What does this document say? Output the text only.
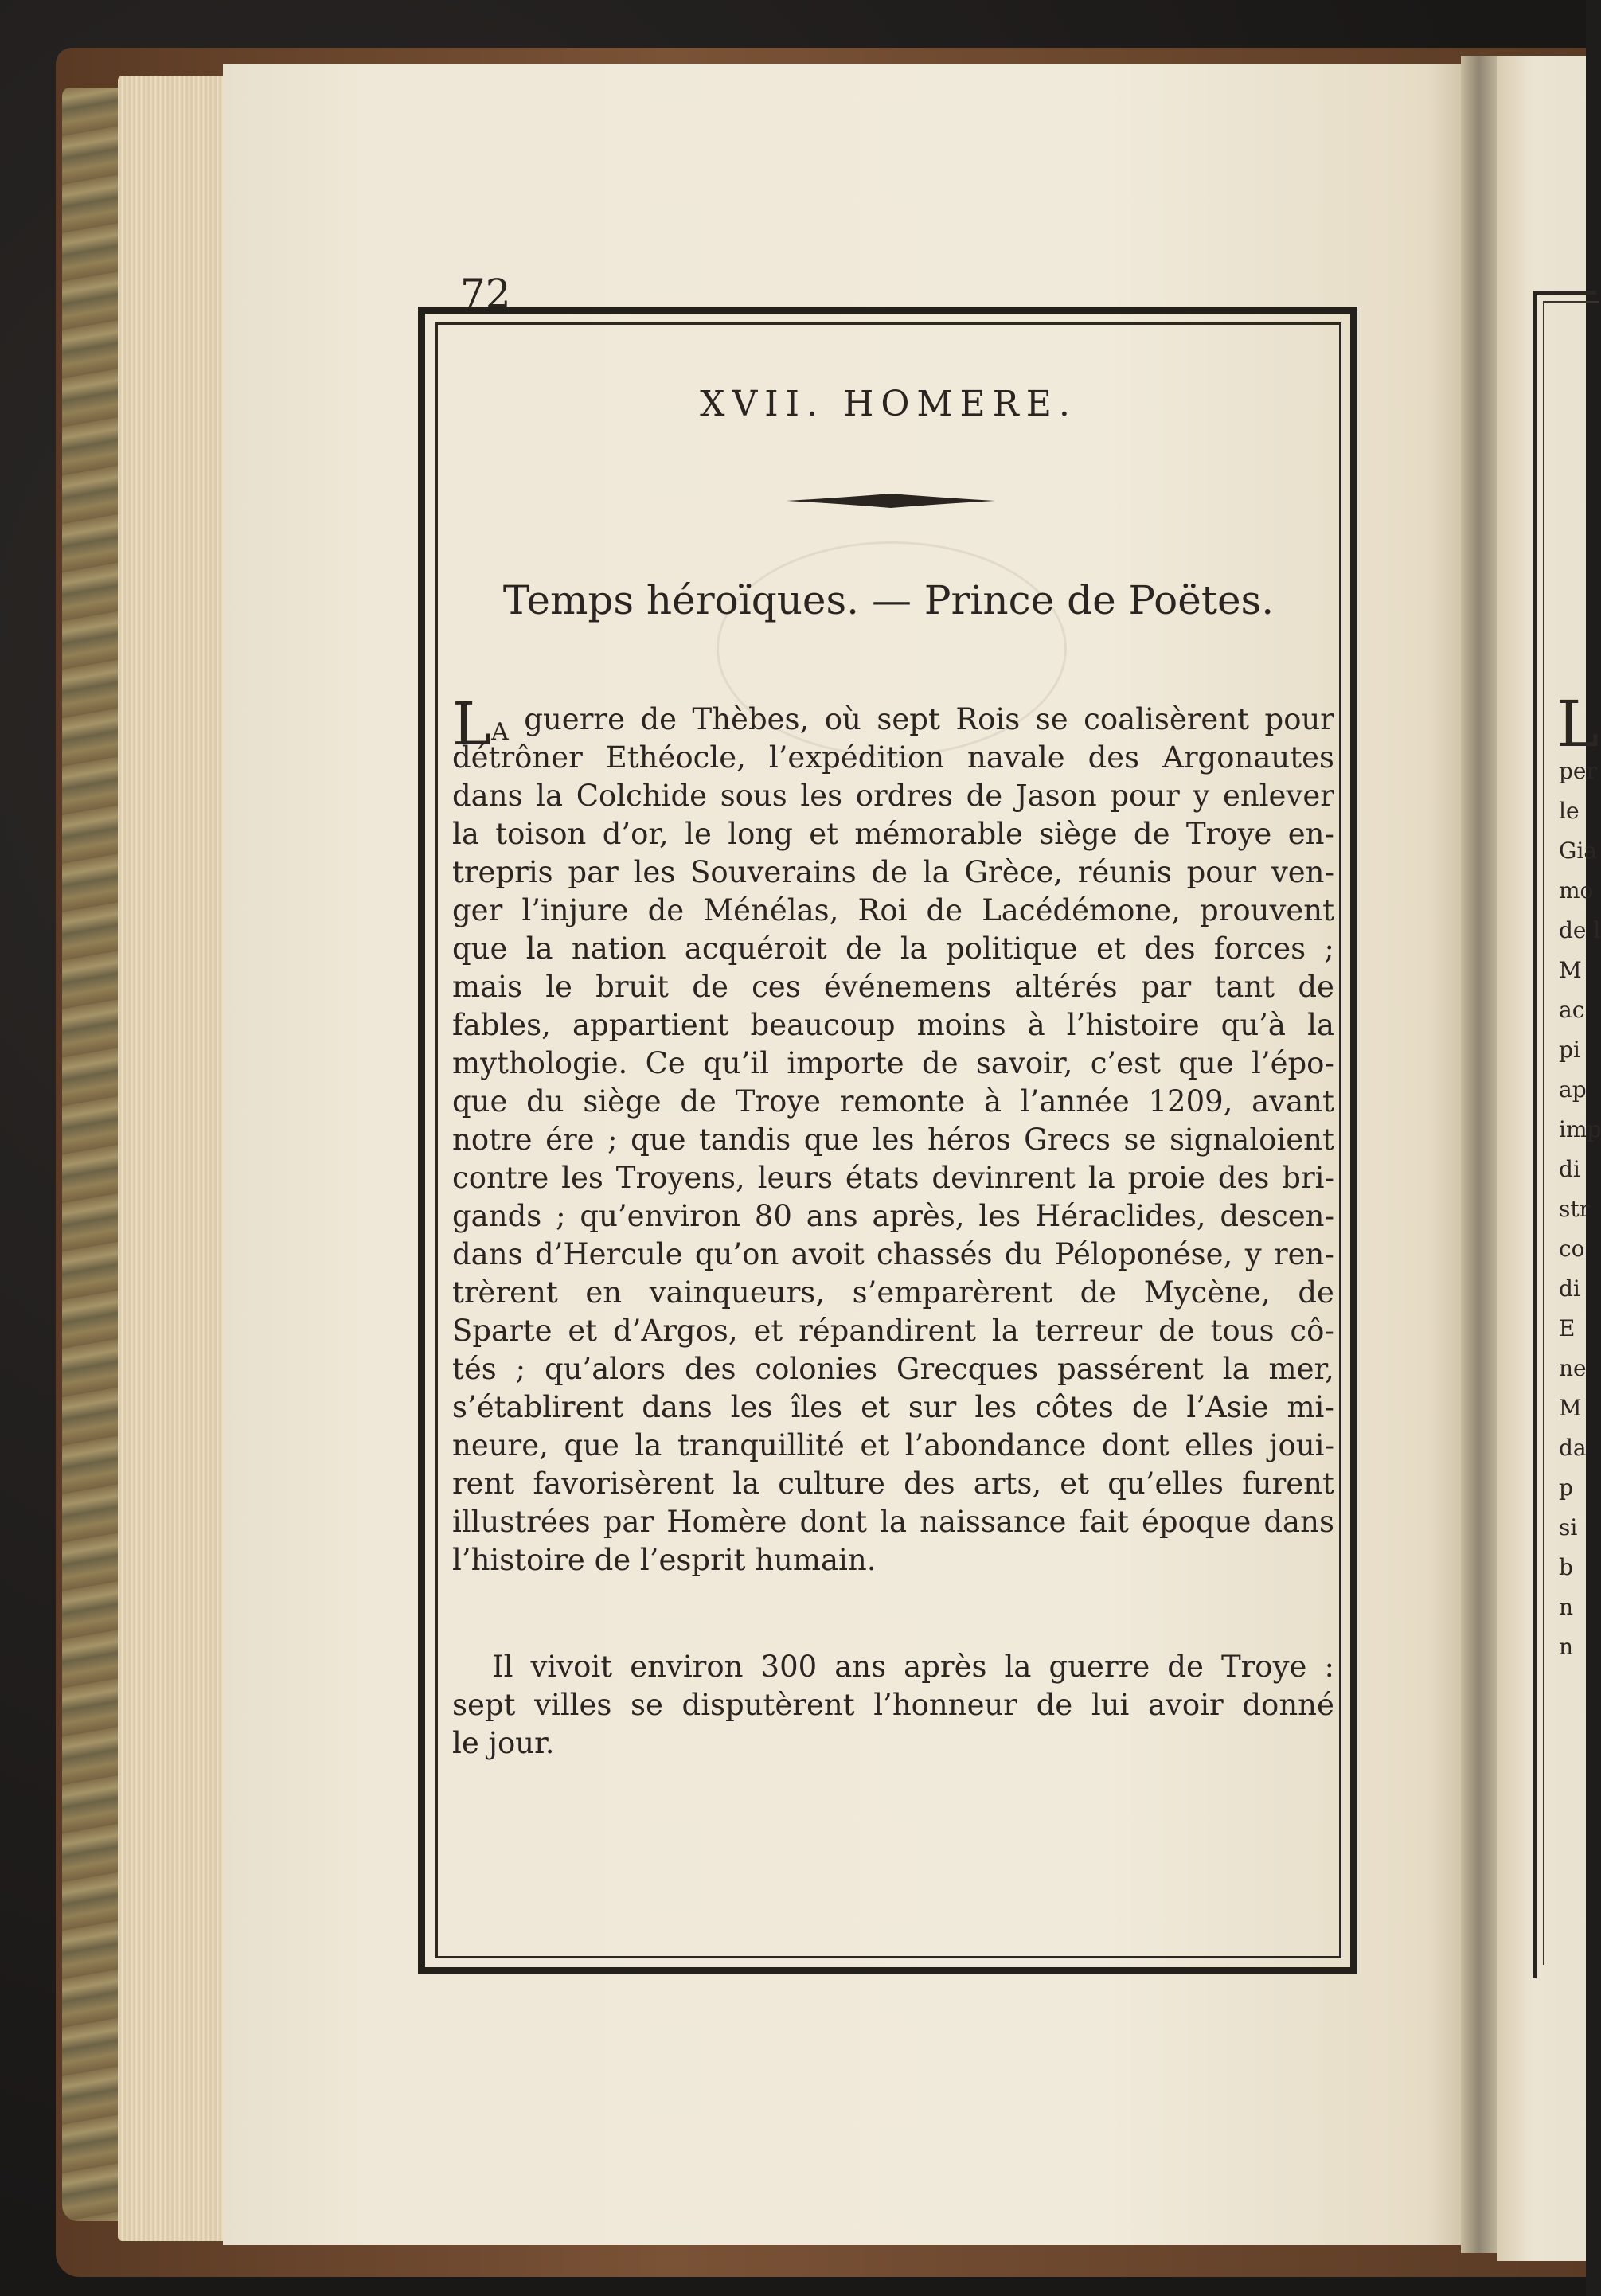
L
per
le
Gia
mo
de l
M
ac
pi
ap
imp
di
str
co
di
E
ne
M
da
p
si
b
n
n
72
XVII. HOMERE.
Temps héroïques. — Prince de Poëtes.
LA guerre de Thèbes, où sept Rois se coalisèrent pour
détrôner Ethéocle, l’expédition navale des Argonautes
dans la Colchide sous les ordres de Jason pour y enlever
la toison d’or, le long et mémorable siège de Troye en-
trepris par les Souverains de la Grèce, réunis pour ven-
ger l’injure de Ménélas, Roi de Lacédémone, prouvent
que la nation acquéroit de la politique et des forces ;
mais le bruit de ces événemens altérés par tant de
fables, appartient beaucoup moins à l’histoire qu’à la
mythologie. Ce qu’il importe de savoir, c’est que l’épo-
que du siège de Troye remonte à l’année 1209, avant
notre ére ; que tandis que les héros Grecs se signaloient
contre les Troyens, leurs états devinrent la proie des bri-
gands ; qu’environ 80 ans après, les Héraclides, descen-
dans d’Hercule qu’on avoit chassés du Péloponése, y ren-
trèrent en vainqueurs, s’emparèrent de Mycène, de
Sparte et d’Argos, et répandirent la terreur de tous cô-
tés ; qu’alors des colonies Grecques passérent la mer,
s’établirent dans les îles et sur les côtes de l’Asie mi-
neure, que la tranquillité et l’abondance dont elles joui-
rent favorisèrent la culture des arts, et qu’elles furent
illustrées par Homère dont la naissance fait époque dans
l’histoire de l’esprit humain.
Il vivoit environ 300 ans après la guerre de Troye :
sept villes se disputèrent l’honneur de lui avoir donné
le jour.
